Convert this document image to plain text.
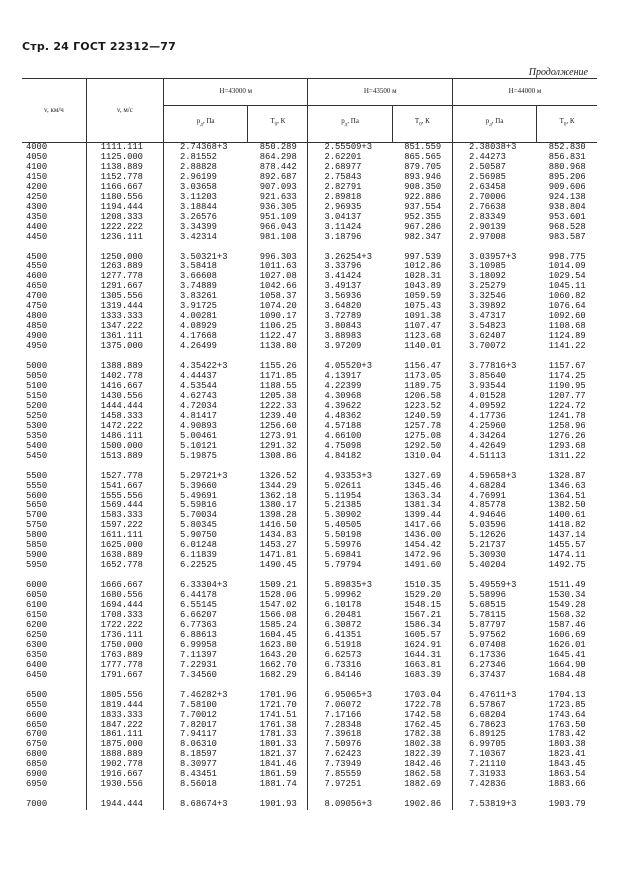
Стр. 24 ГОСТ 22312—77
Продолжение
v, км/ч	v, м/с	H=43000 м		H=43500 м		H=44000 м	
		$p_д$, Па	$T_0$, К	$p_д$, Па	$T_0$, К	$p_д$, Па	$T_0$, К
4000	1111.111	2.74368+3	850.289	2.55509+3	851.559	2.38038+3	852.830
4050	1125.000	2.81552	864.298	2.62201	865.565	2.44273	856.831
4100	1138.889	2.88828	878.442	2.68977	879.705	2.50587	880.968
4150	1152.778	2.96199	892.687	2.75843	893.946	2.56985	895.206
4200	1166.667	3.03658	907.093	2.82791	908.350	2.63458	909.606
4250	1180.556	3.11203	921.633	2.89818	922.886	2.70006	924.138
4300	1194.444	3.18844	936.305	2.96935	937.554	2.76638	938.804
4350	1208.333	3.26576	951.109	3.04137	952.355	2.83349	953.601
4400	1222.222	3.34399	966.043	3.11424	967.286	2.90139	968.528
4450	1236.111	3.42314	981.108	3.18796	982.347	2.97008	983.587

4500	1250.000	3.50321+3	996.303	3.26254+3	997.539	3.03957+3	998.775
4550	1263.889	3.58418	1011.63	3.33796	1012.86	3.10985	1014.09
4600	1277.778	3.66608	1027.08	3.41424	1028.31	3.18092	1029.54
4650	1291.667	3.74889	1042.66	3.49137	1043.89	3.25279	1045.11
4700	1305.556	3.83261	1058.37	3.56936	1059.59	3.32546	1060.82
4750	1319.444	3.91725	1074.20	3.64820	1075.43	3.39892	1076.64
4800	1333.333	4.00281	1090.17	3.72789	1091.38	3.47317	1092.60
4850	1347.222	4.08929	1106.25	3.80843	1107.47	3.54823	1108.68
4900	1361.111	4.17668	1122.47	3.88983	1123.68	3.62407	1124.89
4950	1375.000	4.26499	1138.80	3.97209	1140.01	3.70072	1141.22

5000	1388.889	4.35422+3	1155.26	4.05520+3	1156.47	3.77816+3	1157.67
5050	1402.778	4.44437	1171.85	4.13917	1173.05	3.85640	1174.25
5100	1416.667	4.53544	1188.55	4.22399	1189.75	3.93544	1190.95
5150	1430.556	4.62743	1205.38	4.30968	1206.58	4.01528	1207.77
5200	1444.444	4.72034	1222.33	4.39622	1223.52	4.09592	1224.72
5250	1458.333	4.81417	1239.40	4.48362	1240.59	4.17736	1241.78
5300	1472.222	4.90893	1256.60	4.57188	1257.78	4.25960	1258.96
5350	1486.111	5.00461	1273.91	4.66100	1275.08	4.34264	1276.26
5400	1500.000	5.10121	1291.32	4.75098	1292.50	4.42649	1293.68
5450	1513.889	5.19875	1308.86	4.84182	1310.04	4.51113	1311.22

5500	1527.778	5.29721+3	1326.52	4.93353+3	1327.69	4.59658+3	1328.87
5550	1541.667	5.39660	1344.29	5.02611	1345.46	4.68284	1346.63
5600	1555.556	5.49691	1362.18	5.11954	1363.34	4.76991	1364.51
5650	1569.444	5.59816	1380.17	5.21385	1381.34	4.85778	1382.50
5700	1583.333	5.70034	1398.28	5.30902	1399.44	4.94646	1400.61
5750	1597.222	5.80345	1416.50	5.40505	1417.66	5.03596	1418.82
5800	1611.111	5.90750	1434.83	5.50198	1436.00	5.12626	1437.14
5850	1625.000	6.01248	1453.27	5.59976	1454.42	5.21737	1455.57
5900	1638.889	6.11839	1471.81	5.69841	1472.96	5.30930	1474.11
5950	1652.778	6.22525	1490.45	5.79794	1491.60	5.40204	1492.75

6000	1666.667	6.33304+3	1509.21	5.89835+3	1510.35	5.49559+3	1511.49
6050	1680.556	6.44178	1528.06	5.99962	1529.20	5.58996	1530.34
6100	1694.444	6.55145	1547.02	6.10178	1548.15	5.68515	1549.28
6150	1708.333	6.66207	1566.08	6.20481	1567.21	5.78115	1568.32
6200	1722.222	6.77363	1585.24	6.30872	1586.34	5.87797	1587.46
6250	1736.111	6.88613	1604.45	6.41351	1605.57	5.97562	1606.69
6300	1750.000	6.99958	1623.80	6.51918	1624.91	6.07408	1626.01
6350	1763.889	7.11397	1643.20	6.62573	1644.31	6.17336	1645.41
6400	1777.778	7.22931	1662.70	6.73316	1663.81	6.27346	1664.90
6450	1791.667	7.34560	1682.29	6.84146	1683.39	6.37437	1684.48

6500	1805.556	7.46282+3	1701.96	6.95065+3	1703.04	6.47611+3	1704.13
6550	1819.444	7.58100	1721.70	7.06072	1722.78	6.57867	1723.85
6600	1833.333	7.70012	1741.51	7.17166	1742.58	6.68204	1743.64
6650	1847.222	7.82017	1761.38	7.28348	1762.45	6.78623	1763.50
6700	1861.111	7.94117	1781.33	7.39618	1782.38	6.89125	1783.42
6750	1875.000	8.06310	1801.33	7.50976	1802.38	6.99705	1803.38
6800	1888.889	8.18597	1821.37	7.62423	1822.39	7.10367	1823.41
6850	1902.778	8.30977	1841.46	7.73949	1842.46	7.21110	1843.45
6900	1916.667	8.43451	1861.59	7.85559	1862.58	7.31933	1863.54
6950	1930.556	8.56018	1881.74	7.97251	1882.69	7.42836	1883.66

7000	1944.444	8.68674+3	1901.93	8.09056+3	1902.86	7.53819+3	1903.79
